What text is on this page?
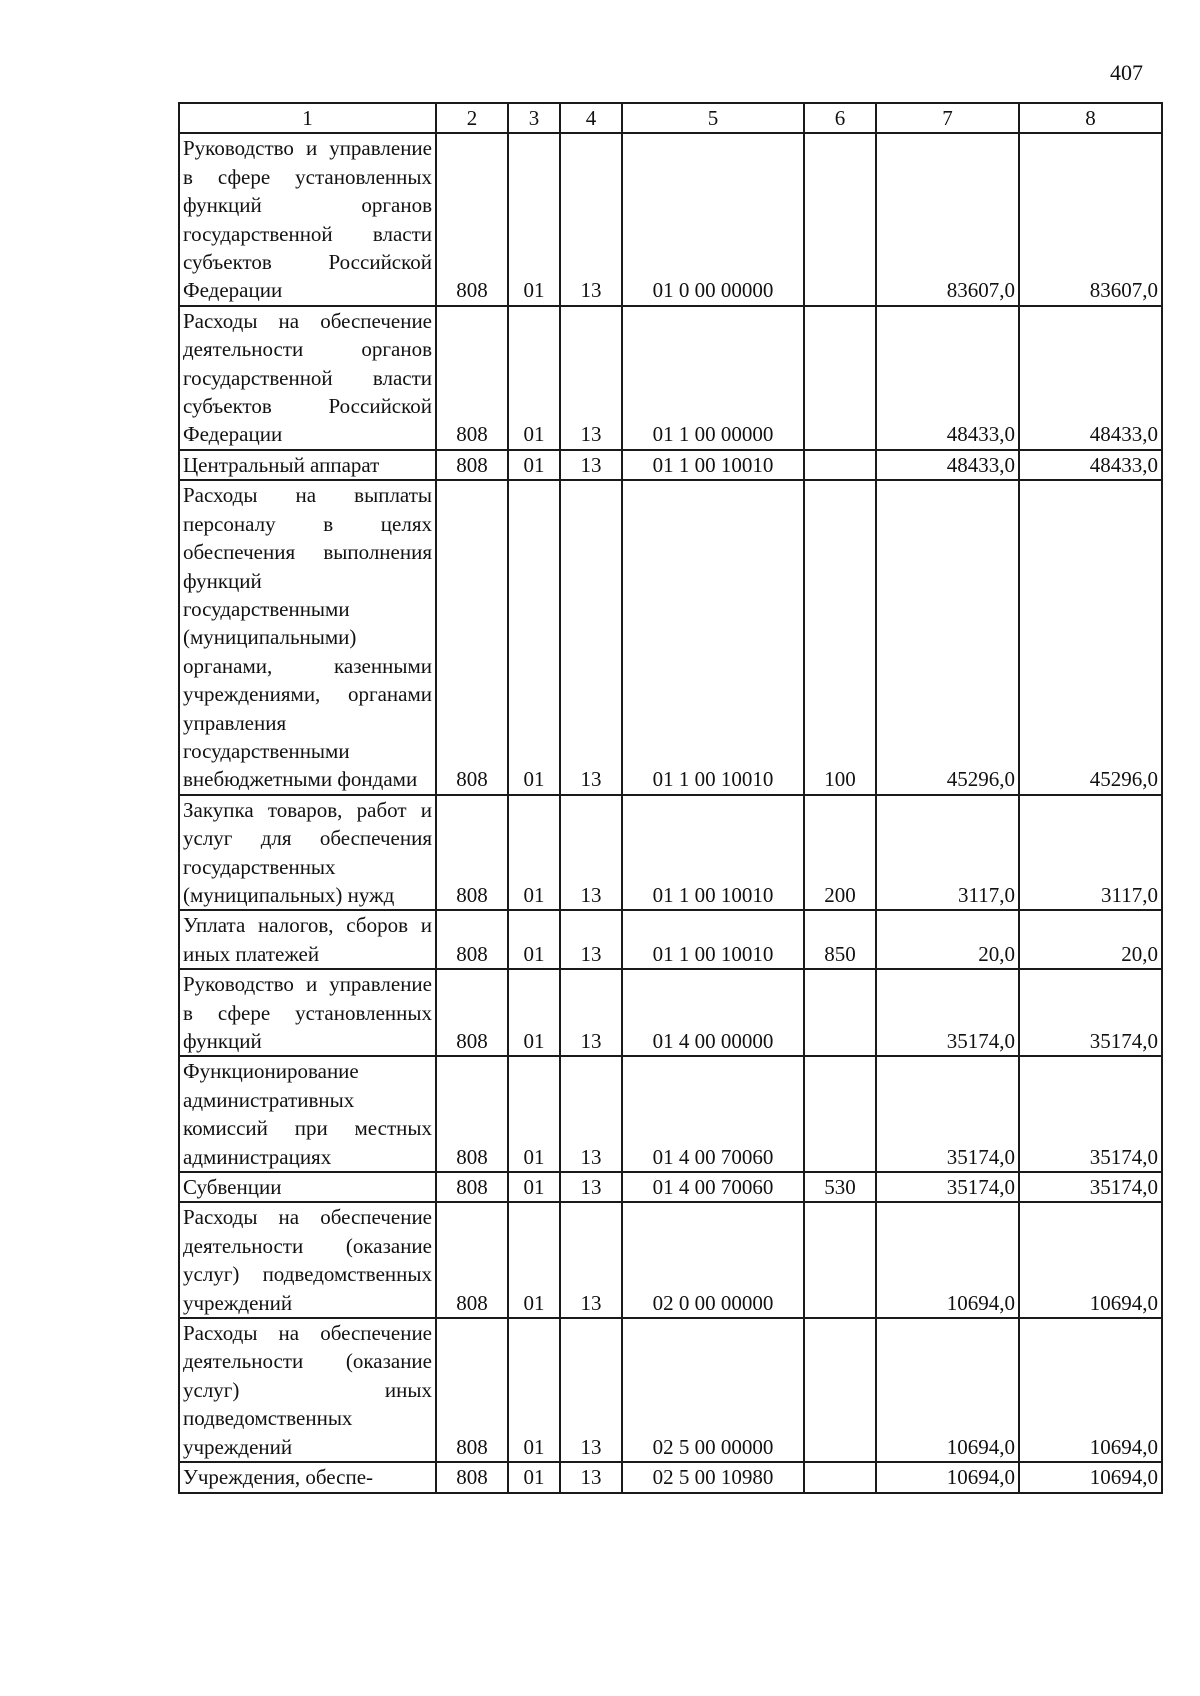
407
1	2	3	4	5	6	7	8
Руководство и управление в сфере установленных функций органов государственной власти субъектов Российской Федерации	808	01	13	01 0 00 00000		83607,0	83607,0
Расходы на обеспечение деятельности органов государственной власти субъектов Российской Федерации	808	01	13	01 1 00 00000		48433,0	48433,0
Центральный аппарат	808	01	13	01 1 00 10010		48433,0	48433,0
Расходы на выплаты персоналу в целях обеспечения выполнения функций государственными (муниципальными) органами, казенными учреждениями, органами управления государственными внебюджетными фондами	808	01	13	01 1 00 10010	100	45296,0	45296,0
Закупка товаров, работ и услуг для обеспечения государственных (муниципальных) нужд	808	01	13	01 1 00 10010	200	3117,0	3117,0
Уплата налогов, сборов и иных платежей	808	01	13	01 1 00 10010	850	20,0	20,0
Руководство и управление в сфере установленных функций	808	01	13	01 4 00 00000		35174,0	35174,0
Функционирование административных комиссий при местных администрациях	808	01	13	01 4 00 70060		35174,0	35174,0
Субвенции	808	01	13	01 4 00 70060	530	35174,0	35174,0
Расходы на обеспечение деятельности (оказание услуг) подведомственных учреждений	808	01	13	02 0 00 00000		10694,0	10694,0
Расходы на обеспечение деятельности (оказание услуг) иных подведомственных учреждений	808	01	13	02 5 00 00000		10694,0	10694,0
Учреждения, обеспе-	808	01	13	02 5 00 10980		10694,0	10694,0
